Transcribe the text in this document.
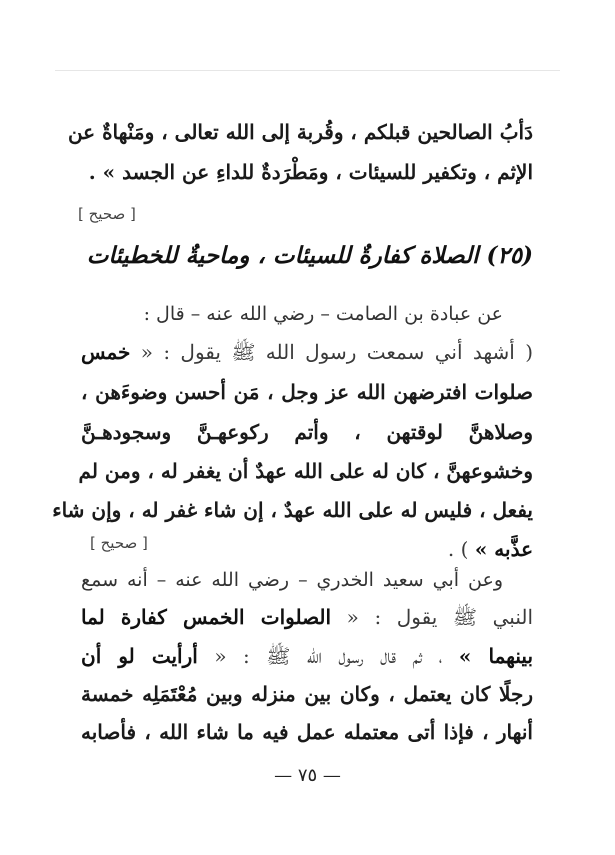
دَأبُ الصالحين قبلكم ، وقُربة إلى الله تعالى ، ومَنْهاةٌ عن
الإثم ، وتكفير للسيئات ، ومَطْرَدةٌ للداءِ عن الجسد » .
[ صحيح ]
(٢٥) الصلاة كفارةٌ للسيئات ، وماحيةٌ للخطيئات
عن عبادة بن الصامت – رضي الله عنه – قال :
( أشهد أني سمعت رسول الله ﷺ يقول : « خمس
صلوات افترضهن الله عز وجل ، مَن أحسن وضوءَهن ،
وصلاهنَّ لوقتهن ، وأتم ركوعهـنَّ وسجودهـنَّ
وخشوعهنَّ ، كان له على الله عهدٌ أن يغفر له ، ومن لم
يفعل ، فليس له على الله عهدٌ ، إن شاء غفر له ، وإن شاء
عذَّبه » ) .
[ صحيح ]
وعن أبي سعيد الخدري – رضي الله عنه – أنه سمع
النبي ﷺ يقول : « الصلوات الخمس كفارة لما
بينهما » ، ثم قال رسول الله ﷺ : « أرأيت لو أن
رجلًا كان يعتمل ، وكان بين منزله وبين مُعْتَمَلِه خمسة
أنهار ، فإذا أتى معتمله عمل فيه ما شاء الله ، فأصابه
— ٧٥ —
